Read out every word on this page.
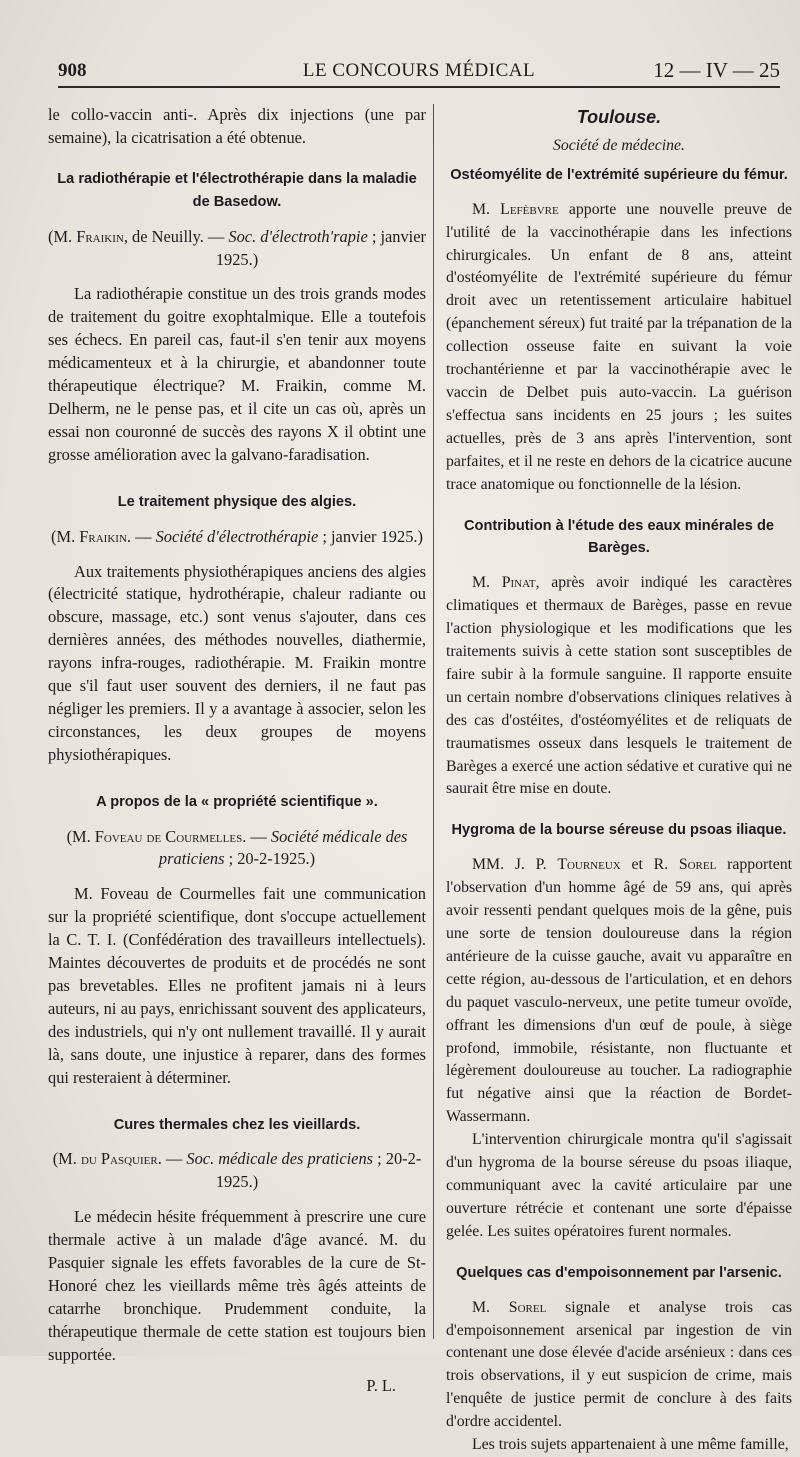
908	LE CONCOURS MÉDICAL	12 — IV — 25

le collo-vaccin anti-. Après dix injections (une par semaine), la cicatrisation a été obtenue.

La radiothérapie et l'électrothérapie dans la maladie de Basedow.

(M. Fraikin, de Neuilly. — Soc. d'électroth'rapie ; janvier 1925.)

La radiothérapie constitue un des trois grands modes de traitement du goitre exophtalmique. Elle a toutefois ses échecs. En pareil cas, faut-il s'en tenir aux moyens médicamenteux et à la chirurgie, et abandonner toute thérapeutique électrique? M. Fraikin, comme M. Delherm, ne le pense pas, et il cite un cas où, après un essai non couronné de succès des rayons X il obtint une grosse amélioration avec la galvano-faradisation.

Le traitement physique des algies.

(M. Fraikin. — Société d'électrothérapie ; janvier 1925.)

Aux traitements physiothérapiques anciens des algies (électricité statique, hydrothérapie, chaleur radiante ou obscure, massage, etc.) sont venus s'ajouter, dans ces dernières années, des méthodes nouvelles, diathermie, rayons infra-rouges, radiothérapie. M. Fraikin montre que s'il faut user souvent des derniers, il ne faut pas négliger les premiers. Il y a avantage à associer, selon les circonstances, les deux groupes de moyens physiothérapiques.

A propos de la « propriété scientifique ».

(M. Foveau de Courmelles. — Société médicale des praticiens ; 20-2-1925.)

M. Foveau de Courmelles fait une communication sur la propriété scientifique, dont s'occupe actuellement la C. T. I. (Confédération des travailleurs intellectuels). Maintes découvertes de produits et de procédés ne sont pas brevetables. Elles ne profitent jamais ni à leurs auteurs, ni au pays, enrichissant souvent des applicateurs, des industriels, qui n'y ont nullement travaillé. Il y aurait là, sans doute, une injustice à reparer, dans des formes qui resteraient à déterminer.

Cures thermales chez les vieillards.

(M. du Pasquier. — Soc. médicale des praticiens ; 20-2-1925.)

Le médecin hésite fréquemment à prescrire une cure thermale active à un malade d'âge avancé. M. du Pasquier signale les effets favorables de la cure de St-Honoré chez les vieillards même très âgés atteints de catarrhe bronchique. Prudemment conduite, la thérapeutique thermale de cette station est toujours bien supportée.

P. L.

Toulouse.

Société de médecine.

Ostéomyélite de l'extrémité supérieure du fémur.

M. Lefèbvre apporte une nouvelle preuve de l'utilité de la vaccinothérapie dans les infections chirurgicales. Un enfant de 8 ans, atteint d'ostéomyélite de l'extrémité supérieure du fémur droit avec un retentissement articulaire habituel (épanchement séreux) fut traité par la trépanation de la collection osseuse faite en suivant la voie trochantérienne et par la vaccinothérapie avec le vaccin de Delbet puis auto-vaccin. La guérison s'effectua sans incidents en 25 jours ; les suites actuelles, près de 3 ans après l'intervention, sont parfaites, et il ne reste en dehors de la cicatrice aucune trace anatomique ou fonctionnelle de la lésion.

Contribution à l'étude des eaux minérales de Barèges.

M. Pinat, après avoir indiqué les caractères climatiques et thermaux de Barèges, passe en revue l'action physiologique et les modifications que les traitements suivis à cette station sont susceptibles de faire subir à la formule sanguine. Il rapporte ensuite un certain nombre d'observations cliniques relatives à des cas d'ostéites, d'ostéomyélites et de reliquats de traumatismes osseux dans lesquels le traitement de Barèges a exercé une action sédative et curative qui ne saurait être mise en doute.

Hygroma de la bourse séreuse du psoas iliaque.

MM. J. P. Tourneux et R. Sorel rapportent l'observation d'un homme âgé de 59 ans, qui après avoir ressenti pendant quelques mois de la gêne, puis une sorte de tension douloureuse dans la région antérieure de la cuisse gauche, avait vu apparaître en cette région, au-dessous de l'articulation, et en dehors du paquet vasculo-nerveux, une petite tumeur ovoïde, offrant les dimensions d'un œuf de poule, à siège profond, immobile, résistante, non fluctuante et légèrement douloureuse au toucher. La radiographie fut négative ainsi que la réaction de Bordet-Wassermann.

L'intervention chirurgicale montra qu'il s'agissait d'un hygroma de la bourse séreuse du psoas iliaque, communiquant avec la cavité articulaire par une ouverture rétrécie et contenant une sorte d'épaisse gelée. Les suites opératoires furent normales.

Quelques cas d'empoisonnement par l'arsenic.

M. Sorel signale et analyse trois cas d'empoisonnement arsenical par ingestion de vin contenant une dose élevée d'acide arsénieux : dans ces trois observations, il y eut suspicion de crime, mais l'enquête de justice permit de conclure à des faits d'ordre accidentel.

Les trois sujets appartenaient à une même famille,
